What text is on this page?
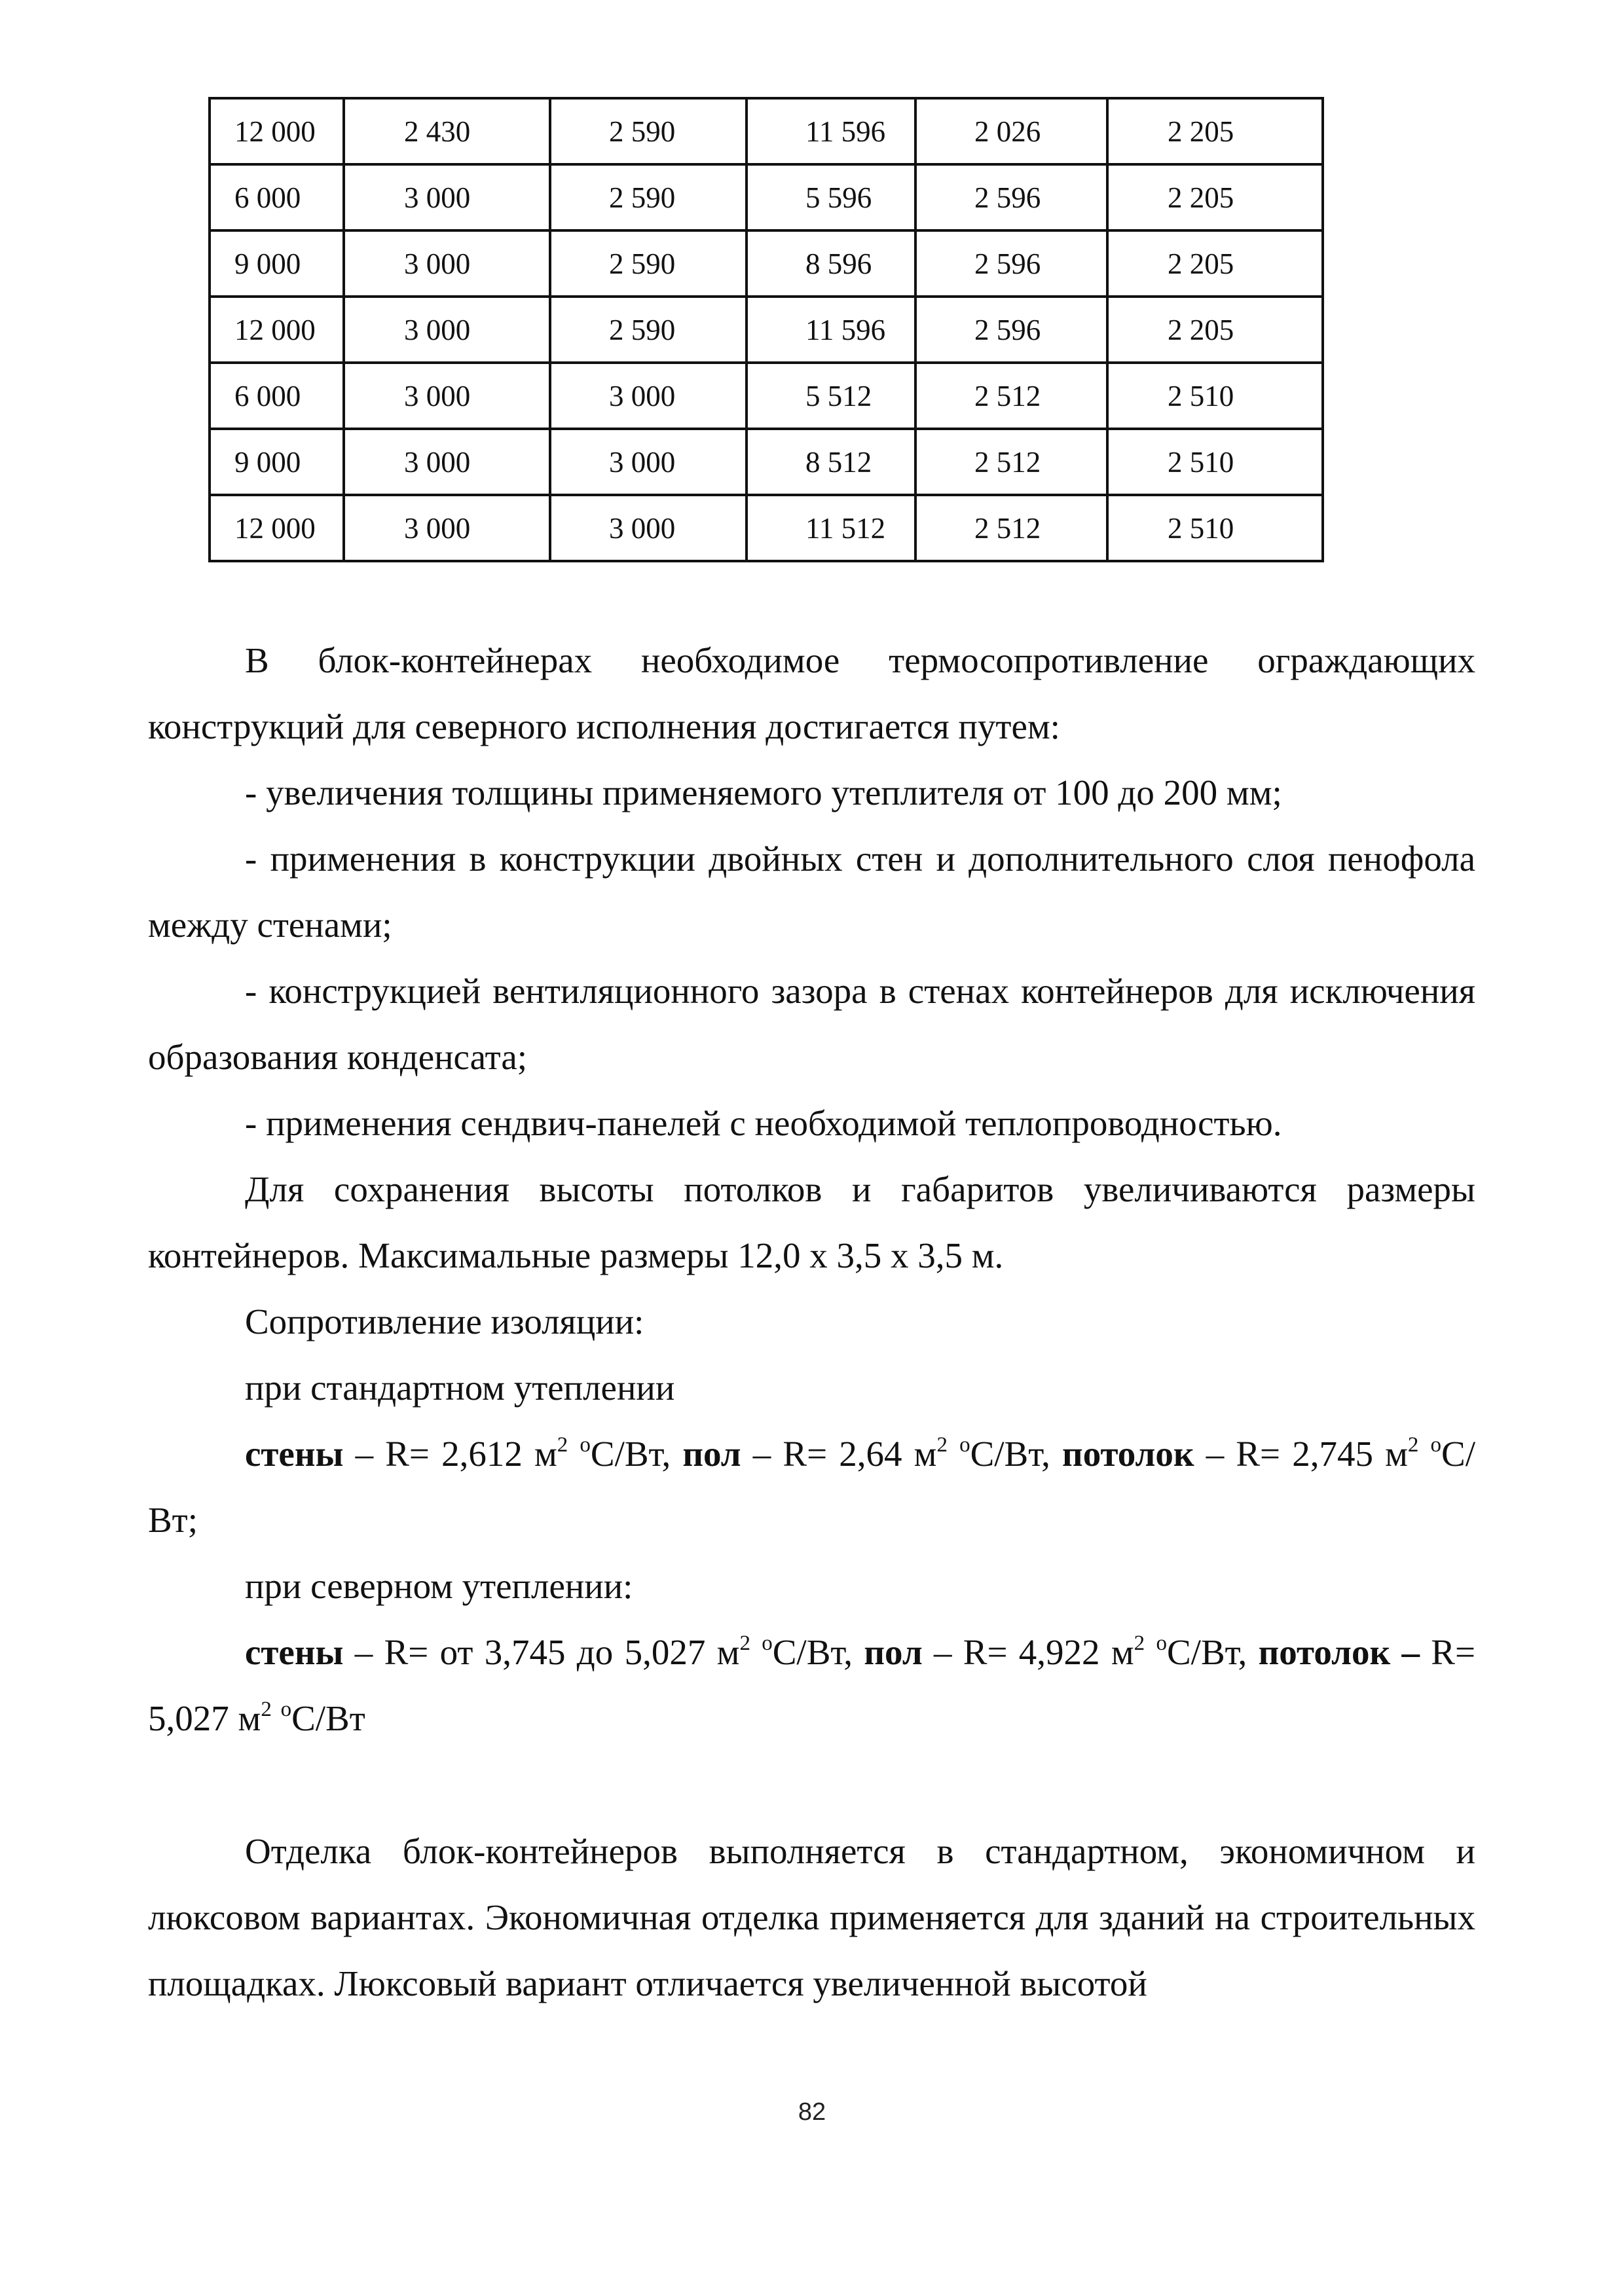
12 000	2 430	2 590	11 596	2 026	2 205
6 000	3 000	2 590	5 596	2 596	2 205
9 000	3 000	2 590	8 596	2 596	2 205
12 000	3 000	2 590	11 596	2 596	2 205
6 000	3 000	3 000	5 512	2 512	2 510
9 000	3 000	3 000	8 512	2 512	2 510
12 000	3 000	3 000	11 512	2 512	2 510

В блок-контейнерах необходимое термосопротивление ограждающих конструкций для северного исполнения достигается путем:

- увеличения толщины применяемого утеплителя от 100 до 200 мм;

- применения в конструкции двойных стен и дополнительного слоя пенофола между стенами;

- конструкцией вентиляционного зазора в стенах контейнеров для исключения образования конденсата;

- применения сендвич-панелей с необходимой теплопроводностью.

Для сохранения высоты потолков и габаритов увеличиваются размеры контейнеров. Максимальные размеры 12,0 х 3,5 х 3,5 м.

Сопротивление изоляции:

при стандартном утеплении

стены – R= 2,612 $м^2$ $^o$C/Вт, пол – R= 2,64 $м^2$ $^o$C/Вт, потолок – R= 2,745 $м^2$ $^o$C/Вт;

при северном утеплении:

стены – R= от 3,745 до 5,027 $м^2$ $^o$C/Вт, пол – R= 4,922 $м^2$ $^o$C/Вт, потолок – R= 5,027 $м^2$ $^o$C/Вт

Отделка блок-контейнеров выполняется в стандартном, экономичном и люксовом вариантах. Экономичная отделка применяется для зданий на строительных площадках. Люксовый вариант отличается увеличенной высотой

82
